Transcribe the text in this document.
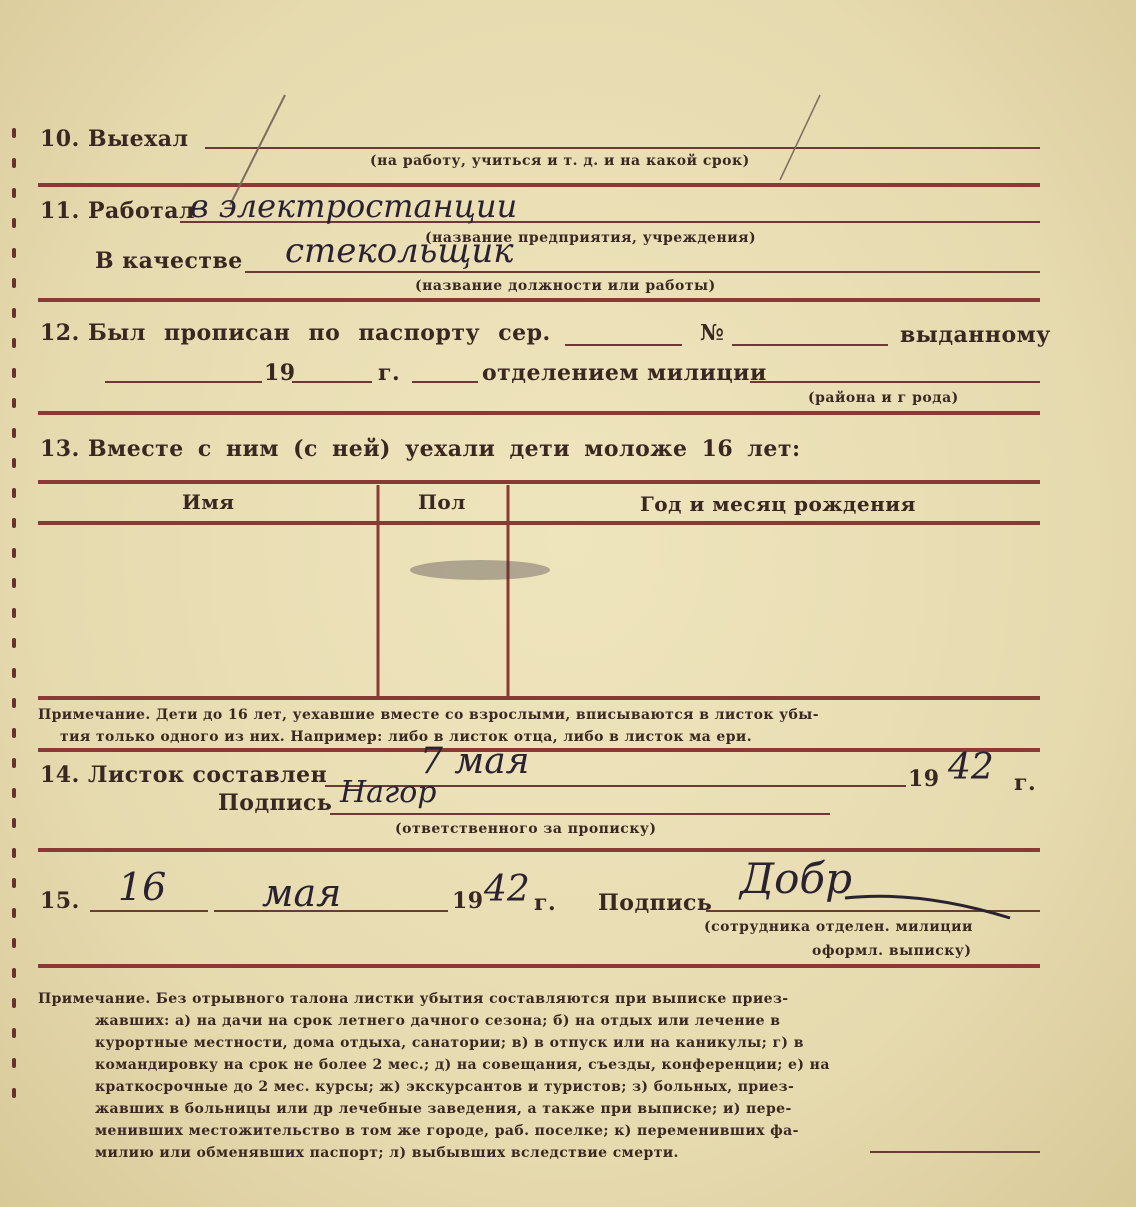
10. Выехал
(на работу, учиться и т. д. и на какой срок)
11. Работал
в электростанции
(название предприятия, учреждения)
В качестве стекольщик
(название должности или работы)
12. Был прописан по паспорту сер.	№	выданному
19	г.	отделением милиции
(района и г рода)
13. Вместе с ним (с ней) уехали дети моложе 16 лет:
Имя	Пол	Год и месяц рождения
Примечание. Дети до 16 лет, уехавшие вместе со взрослыми, вписываются в листок убы-
тия только одного из них. Например: либо в листок отца, либо в листок ма ери.
14. Листок составлен	7 мая	19 42 г.
Подпись Нагор
(ответственного за прописку)
15. 16	мая	19 42 г. Подпись Добр
(сотрудника отделен. милиции
оформл. выписку)
Примечание. Без отрывного талона листки убытия составляются при выписке приез-
жавших: а) на дачи на срок летнего дачного сезона; б) на отдых или лечение в
курортные местности, дома отдыха, санатории; в) в отпуск или на каникулы; г) в
командировку на срок не более 2 мес.; д) на совещания, съезды, конференции; е) на
краткосрочные до 2 мес. курсы; ж) экскурсантов и туристов; з) больных, приез-
жавших в больницы или др лечебные заведения, а также при выписке; и) пере-
менивших местожительство в том же городе, раб. поселке; к) переменивших фа-
милию или обменявших паспорт; л) выбывших вследствие смерти.
